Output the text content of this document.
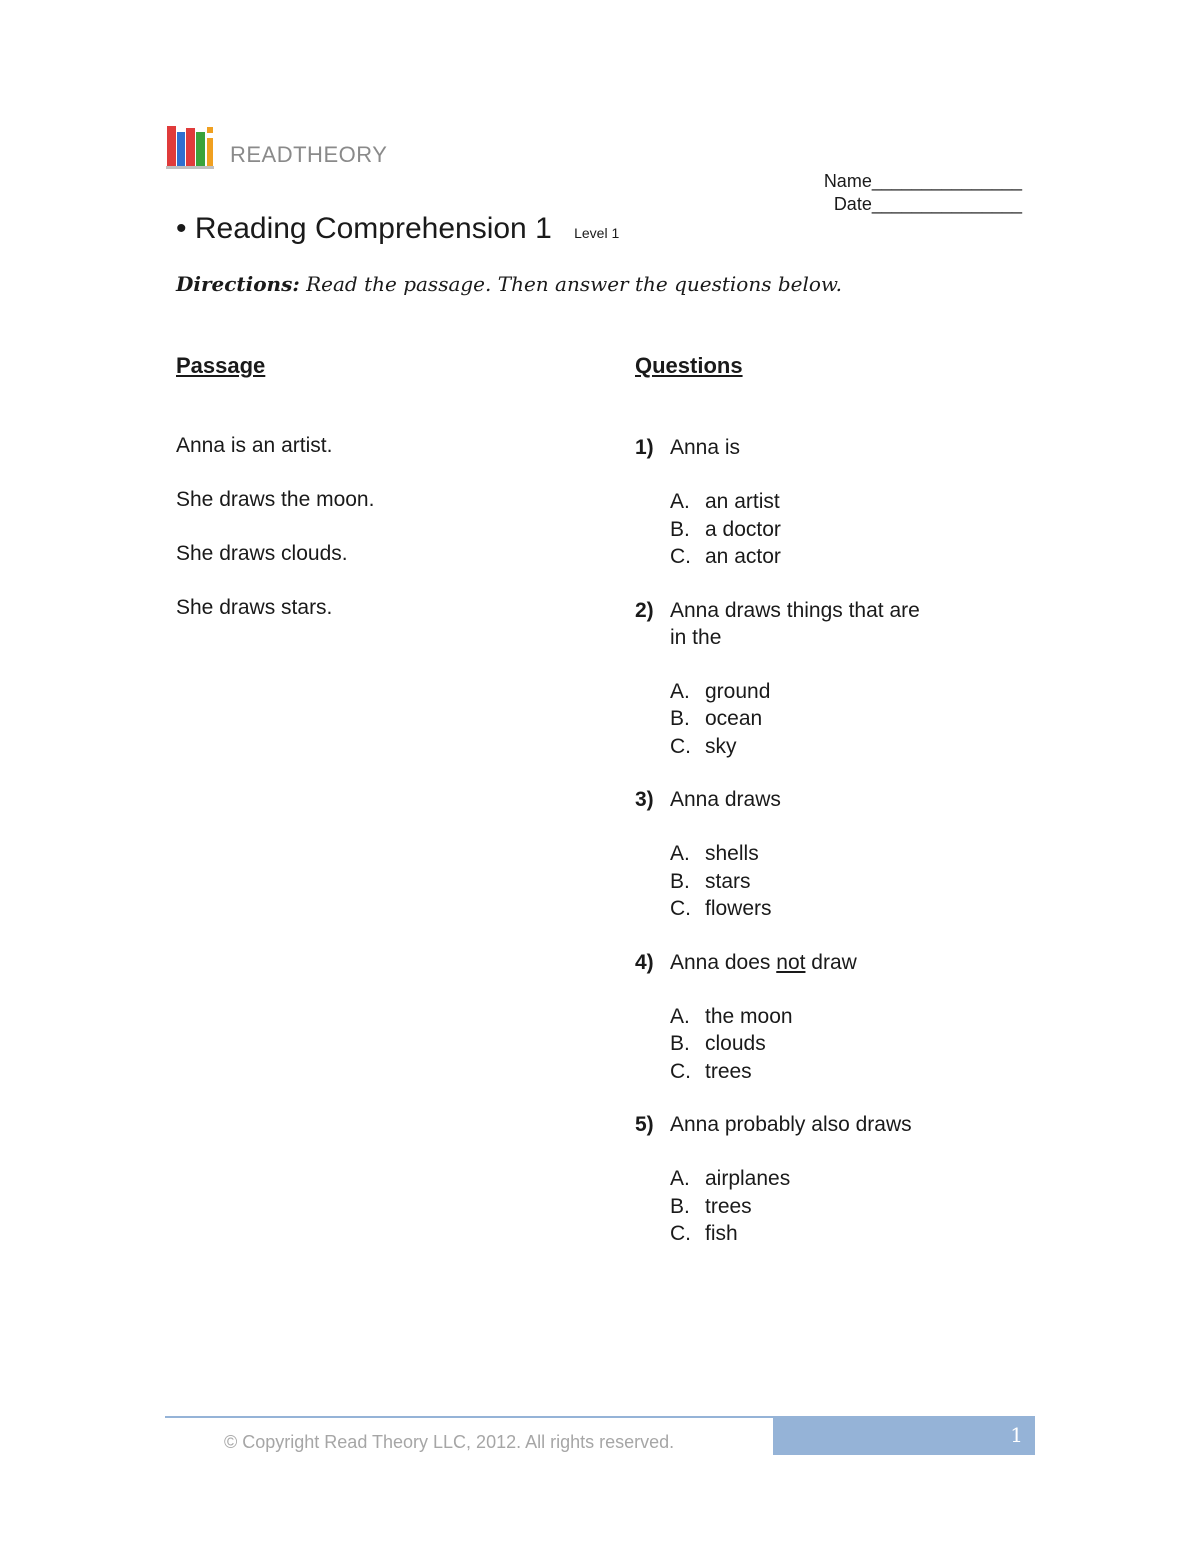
READTHEORY
Name_______________
Date_______________
• Reading Comprehension 1 Level 1
Directions: Read the passage. Then answer the questions below.
Passage	Questions

Anna is an artist.

She draws the moon.

She draws clouds.

She draws stars.

1) Anna is
A. an artist
B. a doctor
C. an actor
2) Anna draws things that are in the
A. ground
B. ocean
C. sky
3) Anna draws
A. shells
B. stars
C. flowers
4) Anna does not draw
A. the moon
B. clouds
C. trees
5) Anna probably also draws
A. airplanes
B. trees
C. fish
© Copyright Read Theory LLC, 2012. All rights reserved.	1
